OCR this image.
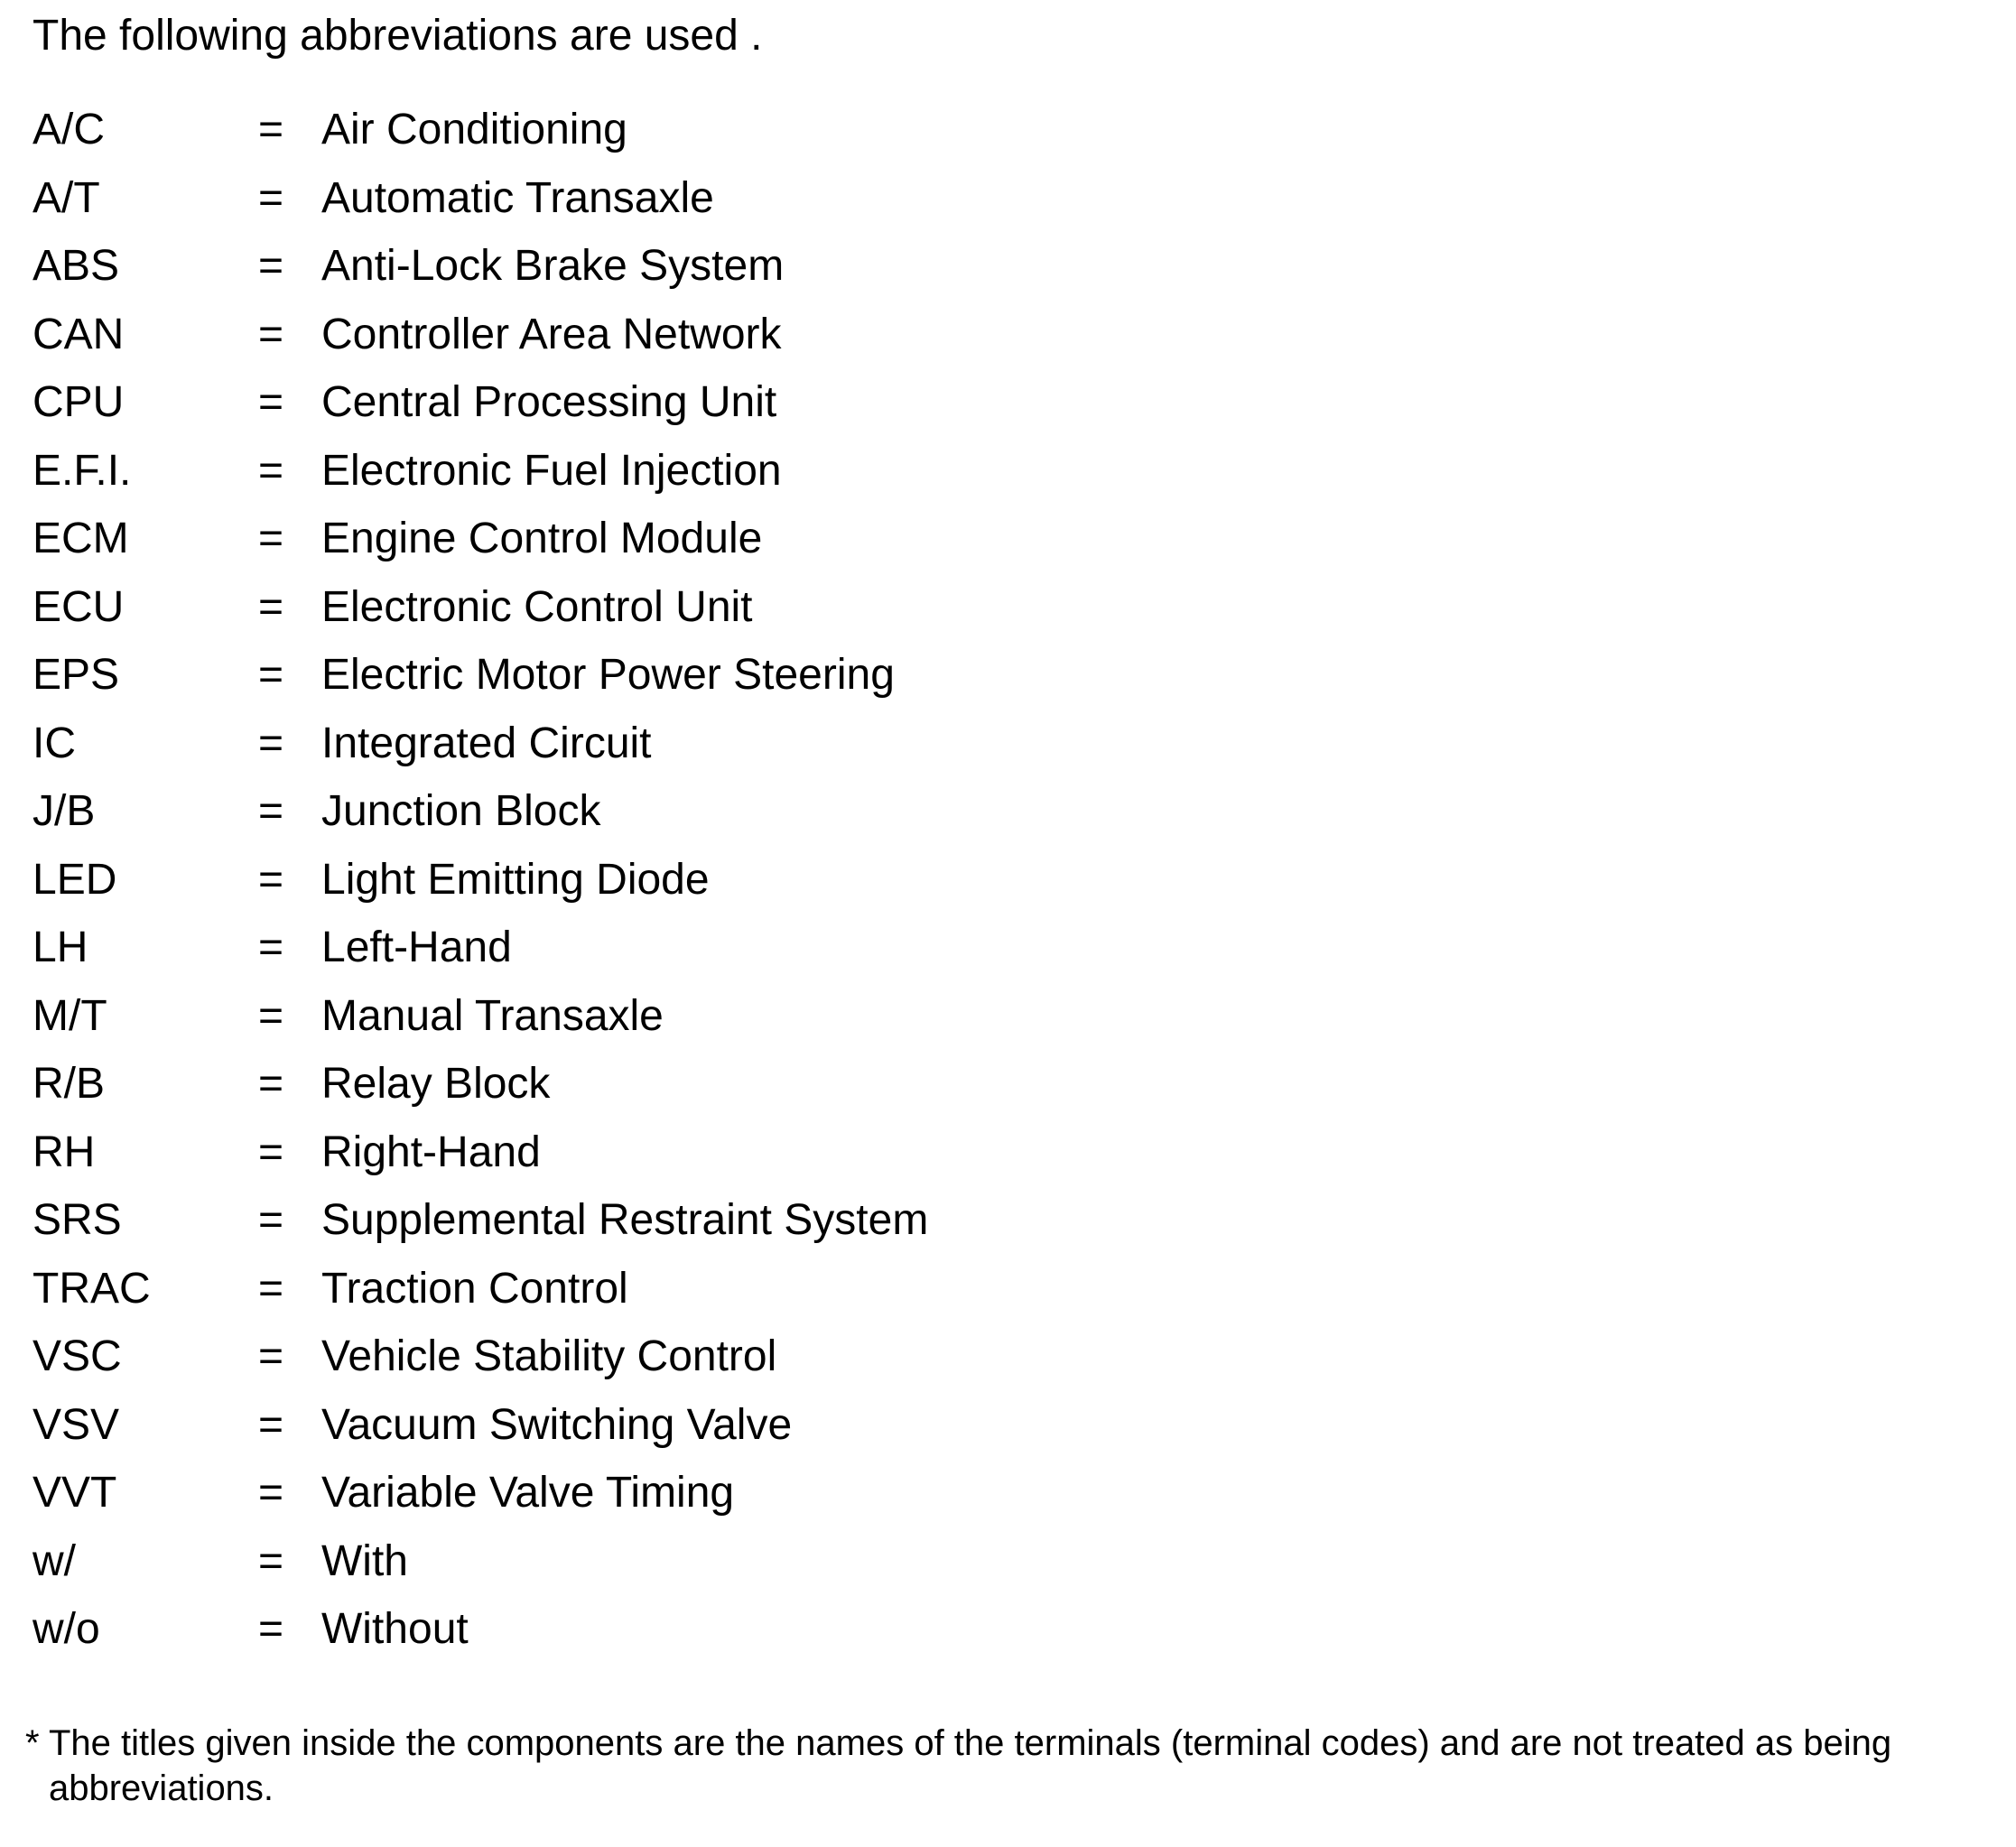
The following abbreviations are used .
A/C	= Air Conditioning
A/T	= Automatic Transaxle
ABS	= Anti-Lock Brake System
CAN	= Controller Area Network
CPU	= Central Processing Unit
E.F.I.	= Electronic Fuel Injection
ECM	= Engine Control Module
ECU	= Electronic Control Unit
EPS	= Electric Motor Power Steering
IC	= Integrated Circuit
J/B	= Junction Block
LED	= Light Emitting Diode
LH	= Left-Hand
M/T	= Manual Transaxle
R/B	= Relay Block
RH	= Right-Hand
SRS	= Supplemental Restraint System
TRAC = Traction Control
VSC	= Vehicle Stability Control
VSV	= Vacuum Switching Valve
VVT	= Variable Valve Timing
w/	= With
w/o	= Without
* The titles given inside the components are the names of the terminals (terminal codes) and are not treated as being abbreviations.
